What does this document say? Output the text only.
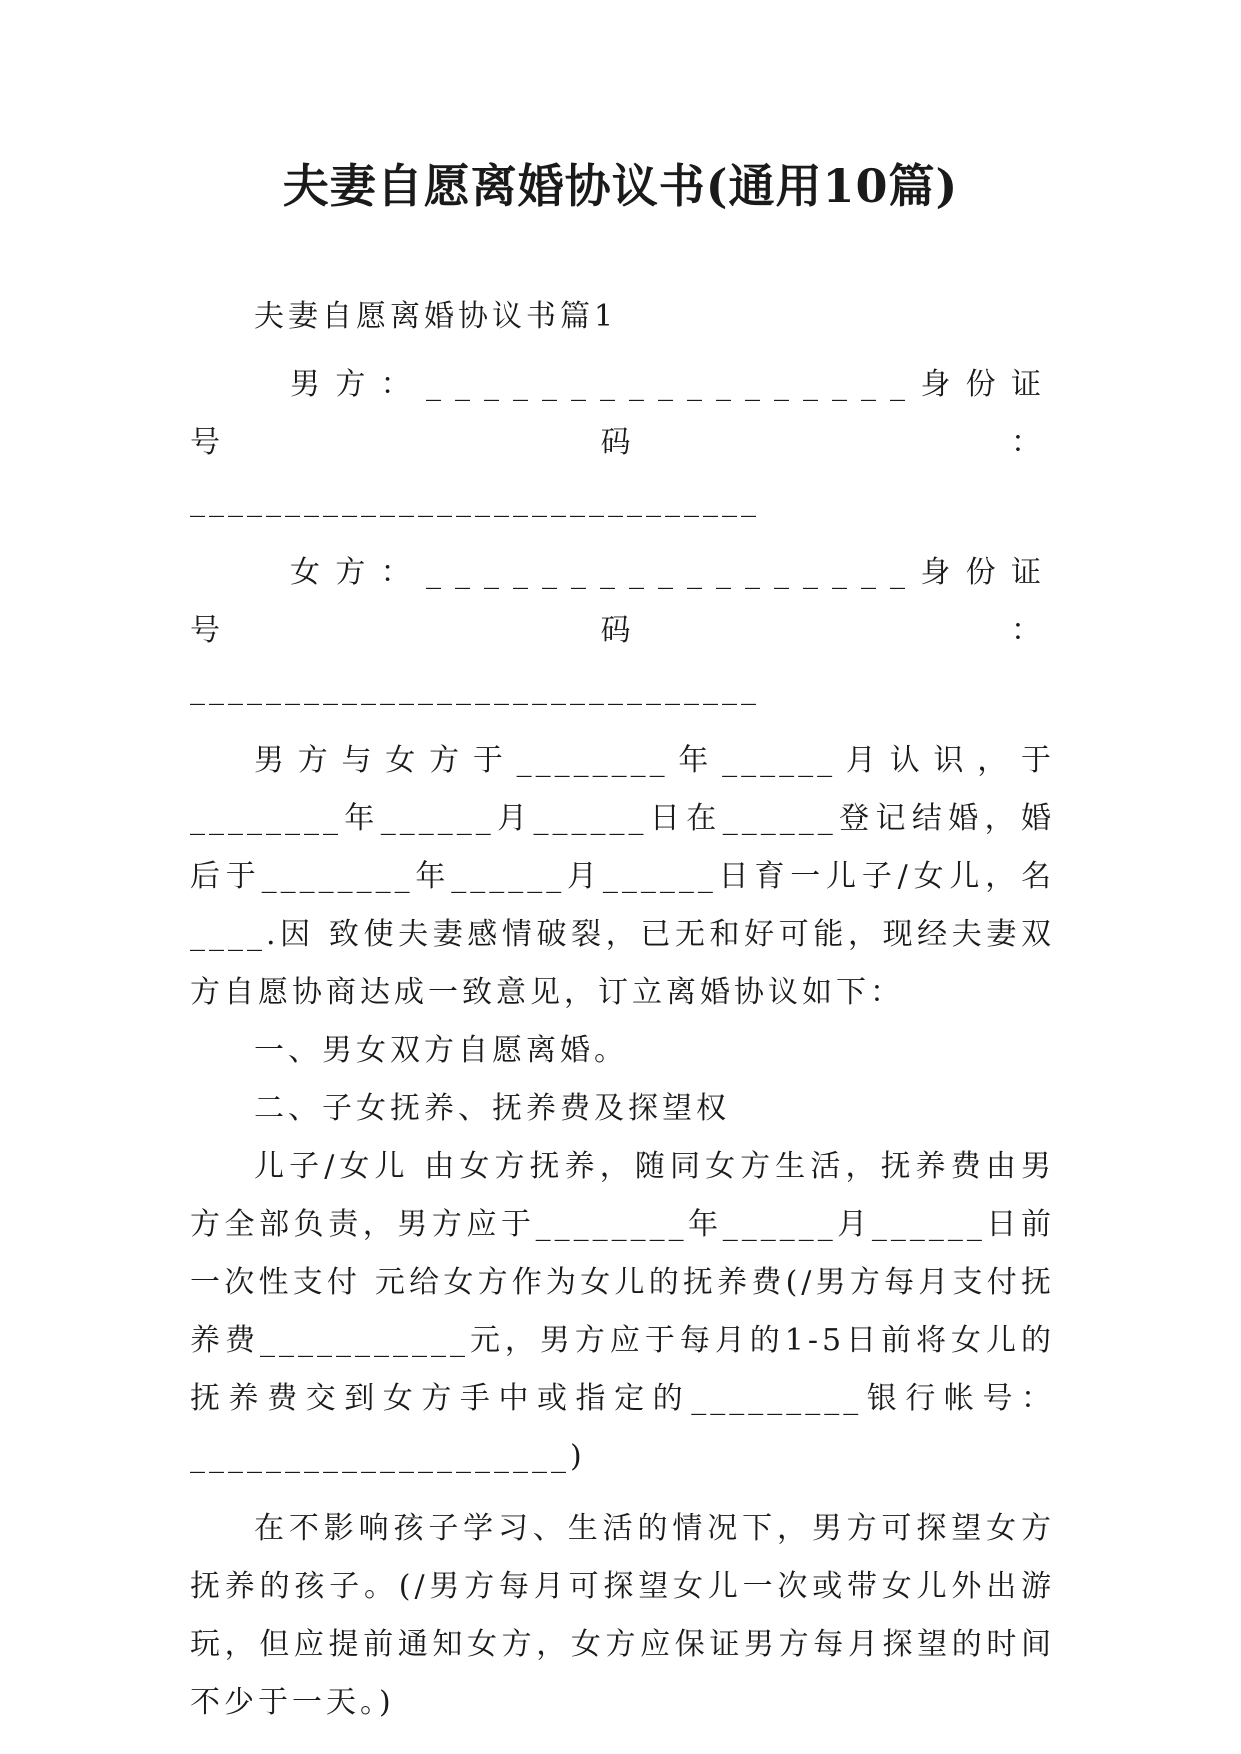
夫妻自愿离婚协议书(通用10篇)

夫妻自愿离婚协议书篇1

男方：_________________身份证号码：

______________________________

女方：_________________身份证号码：

______________________________

男方与女方于________年______月认识，于________年______月______日在______登记结婚，婚后于________年______月______日育一儿子/女儿，名____.因 致使夫妻感情破裂，已无和好可能，现经夫妻双方自愿协商达成一致意见，订立离婚协议如下：

一、男女双方自愿离婚。

二、子女抚养、抚养费及探望权

儿子/女儿 由女方抚养，随同女方生活，抚养费由男方全部负责，男方应于________年______月______日前一次性支付 元给女方作为女儿的抚养费(/男方每月支付抚养费___________元，男方应于每月的1-5日前将女儿的抚养费交到女方手中或指定的_________银行帐号：____________________)

在不影响孩子学习、生活的情况下，男方可探望女方抚养的孩子。(/男方每月可探望女儿一次或带女儿外出游玩，但应提前通知女方，女方应保证男方每月探望的时间不少于一天。)
